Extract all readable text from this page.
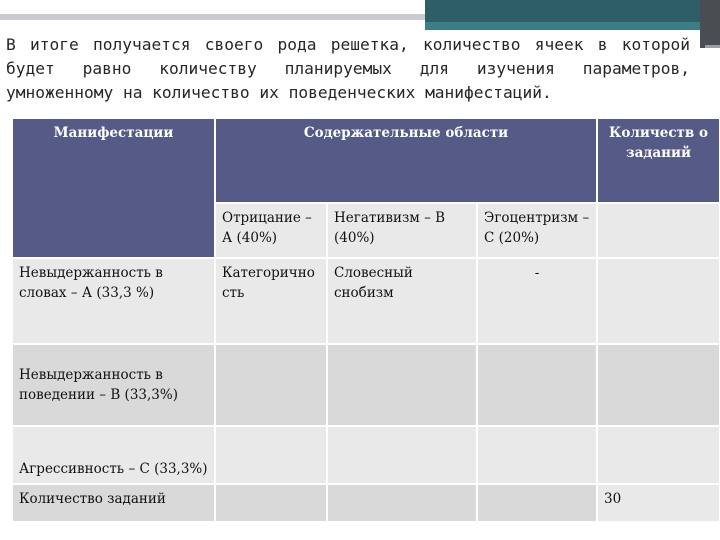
В итоге получается своего рода решетка, количество ячеек в которой
будет равно количеству планируемых для изучения параметров,
умноженному на количество их поведенческих манифестаций.
Манифестации	Содержательные области			Количеств о заданий
	Отрицание – А (40%)	Негативизм – В (40%)	Эгоцентризм – С (20%)	
Невыдержанность в словах – А (33,3 %)	Категорично сть	Словесный снобизм	-	
Невыдержанность в поведении – В (33,3%)				
Агрессивность – С (33,3%)				
Количество заданий				30
